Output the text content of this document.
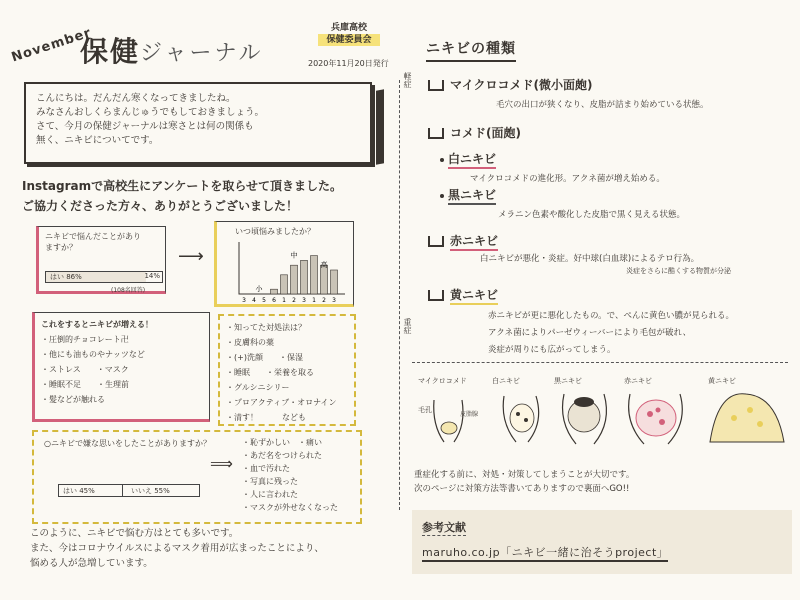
November
保健 ジャーナル
兵庫高校
保健委員会
2020年11月20日発行
こんにちは。だんだん寒くなってきましたね。
みなさんおしくらまんじゅうでもしておきましょう。
さて、今月の保健ジャーナルは寒さとは何の関係も
無く、ニキビについてです。
Instagramで高校生にアンケートを取らせて頂きました。
ご協力くださった方々、ありがとうございました！
ニキビで悩んだことがありますか？
はい 86%	14%
(108名回答)
⟶
いつ頃悩みましたか？
3 4 5 6 1 2 3 1 2 3
小
中
高
これをするとニキビが増える！
・圧倒的チョコレート卍
・他にも油ものやナッツなど
・ストレス　　・マスク
・睡眠不足　　・生理前
・髪などが触れる
・知ってた対処法は？
・皮膚科の薬
・(+)洗顔　　・保湿
・睡眠　　・栄養を取る
・グルシニシリー
・プロアクティブ・オロナイン
・清す！　　　なども
○ニキビで嫌な思いをしたことがありますか？
はい 45%	いいえ 55%
⟹
・恥ずかしい　・痛い
・あだ名をつけられた
・血で汚れた
・写真に残った
・人に言われた
・マスクが外せなくなった
このように、ニキビで悩む方はとても多いです。
また、今はコロナウイルスによるマスク着用が広まったことにより、
悩める人が急増しています。
軽症
重症
ニキビの種類
マイクロコメド(微小面皰)
毛穴の出口が狭くなり、皮脂が詰まり始めている状態。
コメド(面皰)
白ニキビ
マイクロコメドの進化形。アクネ菌が増え始める。
黒ニキビ
メラニン色素や酸化した皮脂で黒く見える状態。
赤ニキビ
白ニキビが悪化・炎症。好中球(白血球)によるテロ行為。
炎症をさらに酷くする物質が分泌
黄ニキビ
赤ニキビが更に悪化したもの。で、ぺんに黄色い膿が見られる。
アクネ菌によりパーゼウィーバーにより毛包が破れ、
炎症が周りにも広がってしまう。
マイクロコメド
毛孔
皮脂腺
白ニキビ	黒ニキビ	赤ニキビ	黄ニキビ
重症化する前に、対処・対策してしまうことが大切です。
次のページに対策方法等書いてありますので裏面へGO!!
参考文献
maruho.co.jp「ニキビ一緒に治そうproject」
